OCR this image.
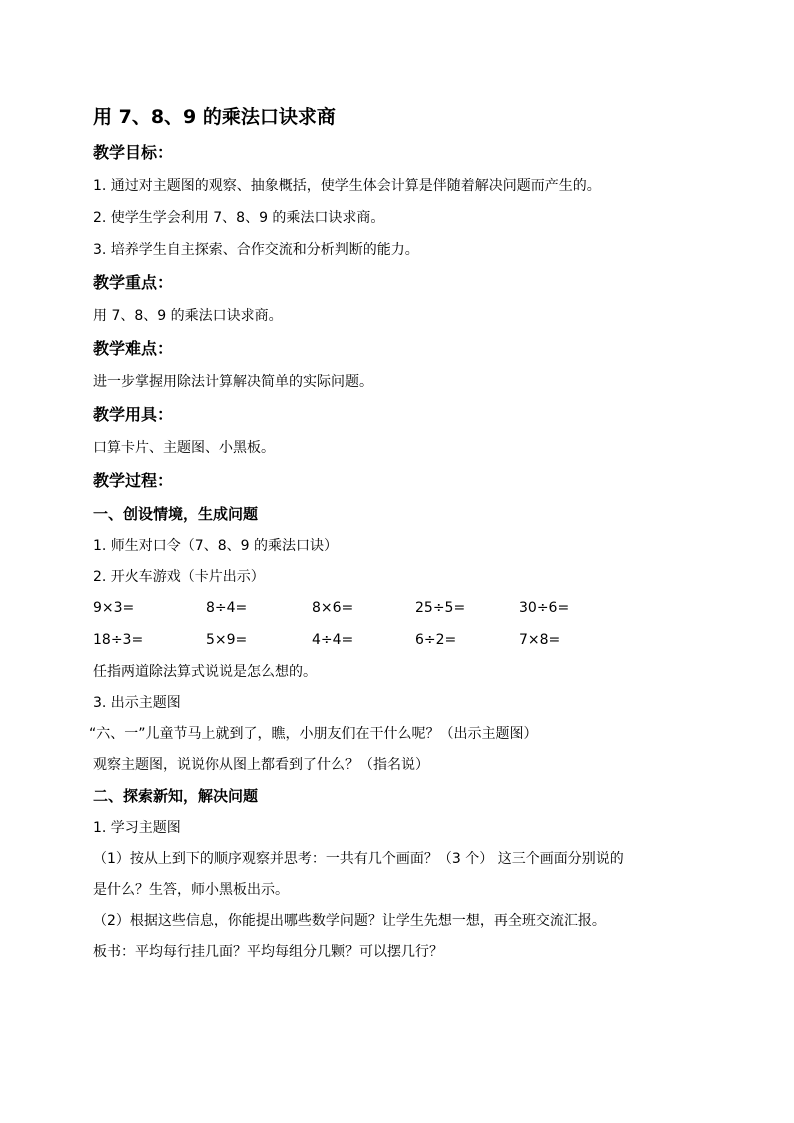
用 7、8、9 的乘法口诀求商
教学目标：
1. 通过对主题图的观察、抽象概括，使学生体会计算是伴随着解决问题而产生的。
2. 使学生学会利用 7、8、9 的乘法口诀求商。
3. 培养学生自主探索、合作交流和分析判断的能力。
教学重点：
用 7、8、9 的乘法口诀求商。
教学难点：
进一步掌握用除法计算解决简单的实际问题。
教学用具：
口算卡片、主题图、小黑板。
教学过程：
一、创设情境，生成问题
1. 师生对口令（7、8、9 的乘法口诀）
2. 开火车游戏（卡片出示）
9×3=	8÷4=	8×6=	25÷5=	30÷6=
18÷3=	5×9=	4÷4=	6÷2=	7×8=
任指两道除法算式说说是怎么想的。
3. 出示主题图
“六、一”儿童节马上就到了，瞧，小朋友们在干什么呢？（出示主题图）
观察主题图，说说你从图上都看到了什么？（指名说）
二、探索新知，解决问题
1. 学习主题图
（1）按从上到下的顺序观察并思考：一共有几个画面？（3 个） 这三个画面分别说的
是什么？生答，师小黑板出示。
（2）根据这些信息，你能提出哪些数学问题？让学生先想一想，再全班交流汇报。
板书：平均每行挂几面？平均每组分几颗？可以摆几行？
